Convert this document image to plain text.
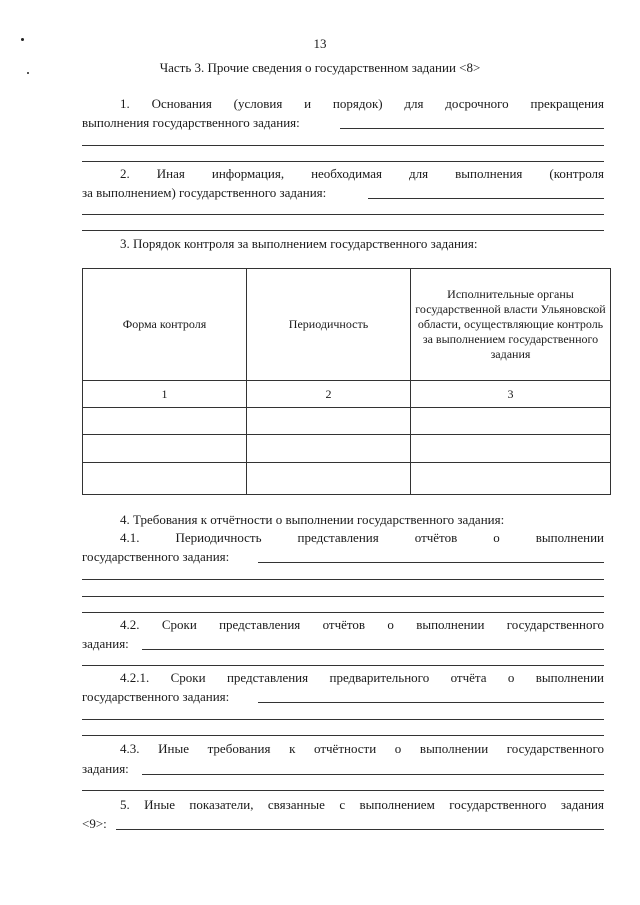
13
Часть 3. Прочие сведения о государственном задании <8>
1. Основания (условия и порядок) для досрочного прекращения
выполнения государственного задания:
2. Иная информация, необходимая для выполнения (контроля
за выполнением) государственного задания:
3. Порядок контроля за выполнением государственного задания:
Форма контроля	Периодичность	Исполнительные органы государственной власти Ульяновской области, осуществляющие контроль за выполнением государственного задания
1	2	3

4. Требования к отчётности о выполнении государственного задания:
4.1. Периодичность представления отчётов о выполнении
государственного задания:
4.2. Сроки представления отчётов о выполнении государственного
задания:
4.2.1. Сроки представления предварительного отчёта о выполнении
государственного задания:
4.3. Иные требования к отчётности о выполнении государственного
задания:
5. Иные показатели, связанные с выполнением государственного задания
<9>:
